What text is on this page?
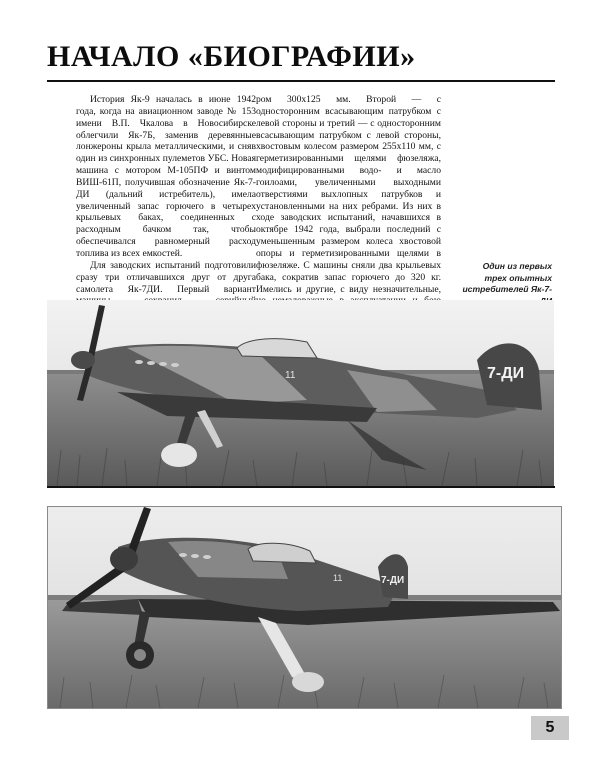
НАЧАЛО «БИОГРАФИИ»

История Як-9 началась в июне 1942 года, когда на авиационном заводе № 153 имени В.П. Чкалова в Новосибирске облегчили Як-7Б, заменив деревянные лонжероны крыла металлическими, и сняв один из синхронных пулеметов УБС. Новая машина с мотором М-105ПФ и винтом ВИШ-61П, получившая обозначение Як-7-ДИ (дальний истребитель), имела увеличенный запас горючего в четырех крыльевых баках, соединенных с расходным бачком так, чтобы обеспечивался равномерный расход топлива из всех емкостей.

Для заводских испытаний подготовили сразу три отличавшихся друг от друга самолета Як-7ДИ. Первый вариант

ром 300х125 мм. Второй — с односторонним всасывающим патрубком с левой стороны и третий — с односторонним всасывающим патрубком с левой стороны, хвостовым колесом размером 255х110 мм, с герметизированными щелями фюзеляжа, модифицированными водо- и масло гоилоами, увеличенными выходными отверстиями выхлопных патрубков и установленными на них ребрами. Из них в ходе заводских испытаний, начавшихся в октябре 1942 года, выбрали последний с уменьшенным размером колеса хвостовой опоры и герметизированными щелями в фюзеляже. С машины сняли два крыльевых бака, сократив запас горючего до 320 кг. Имелись и другие, с виду незначительные,

Один из первых
трех опытных
истребителей Як-7-
7-ДИ
11
7-ДИ
11
5
